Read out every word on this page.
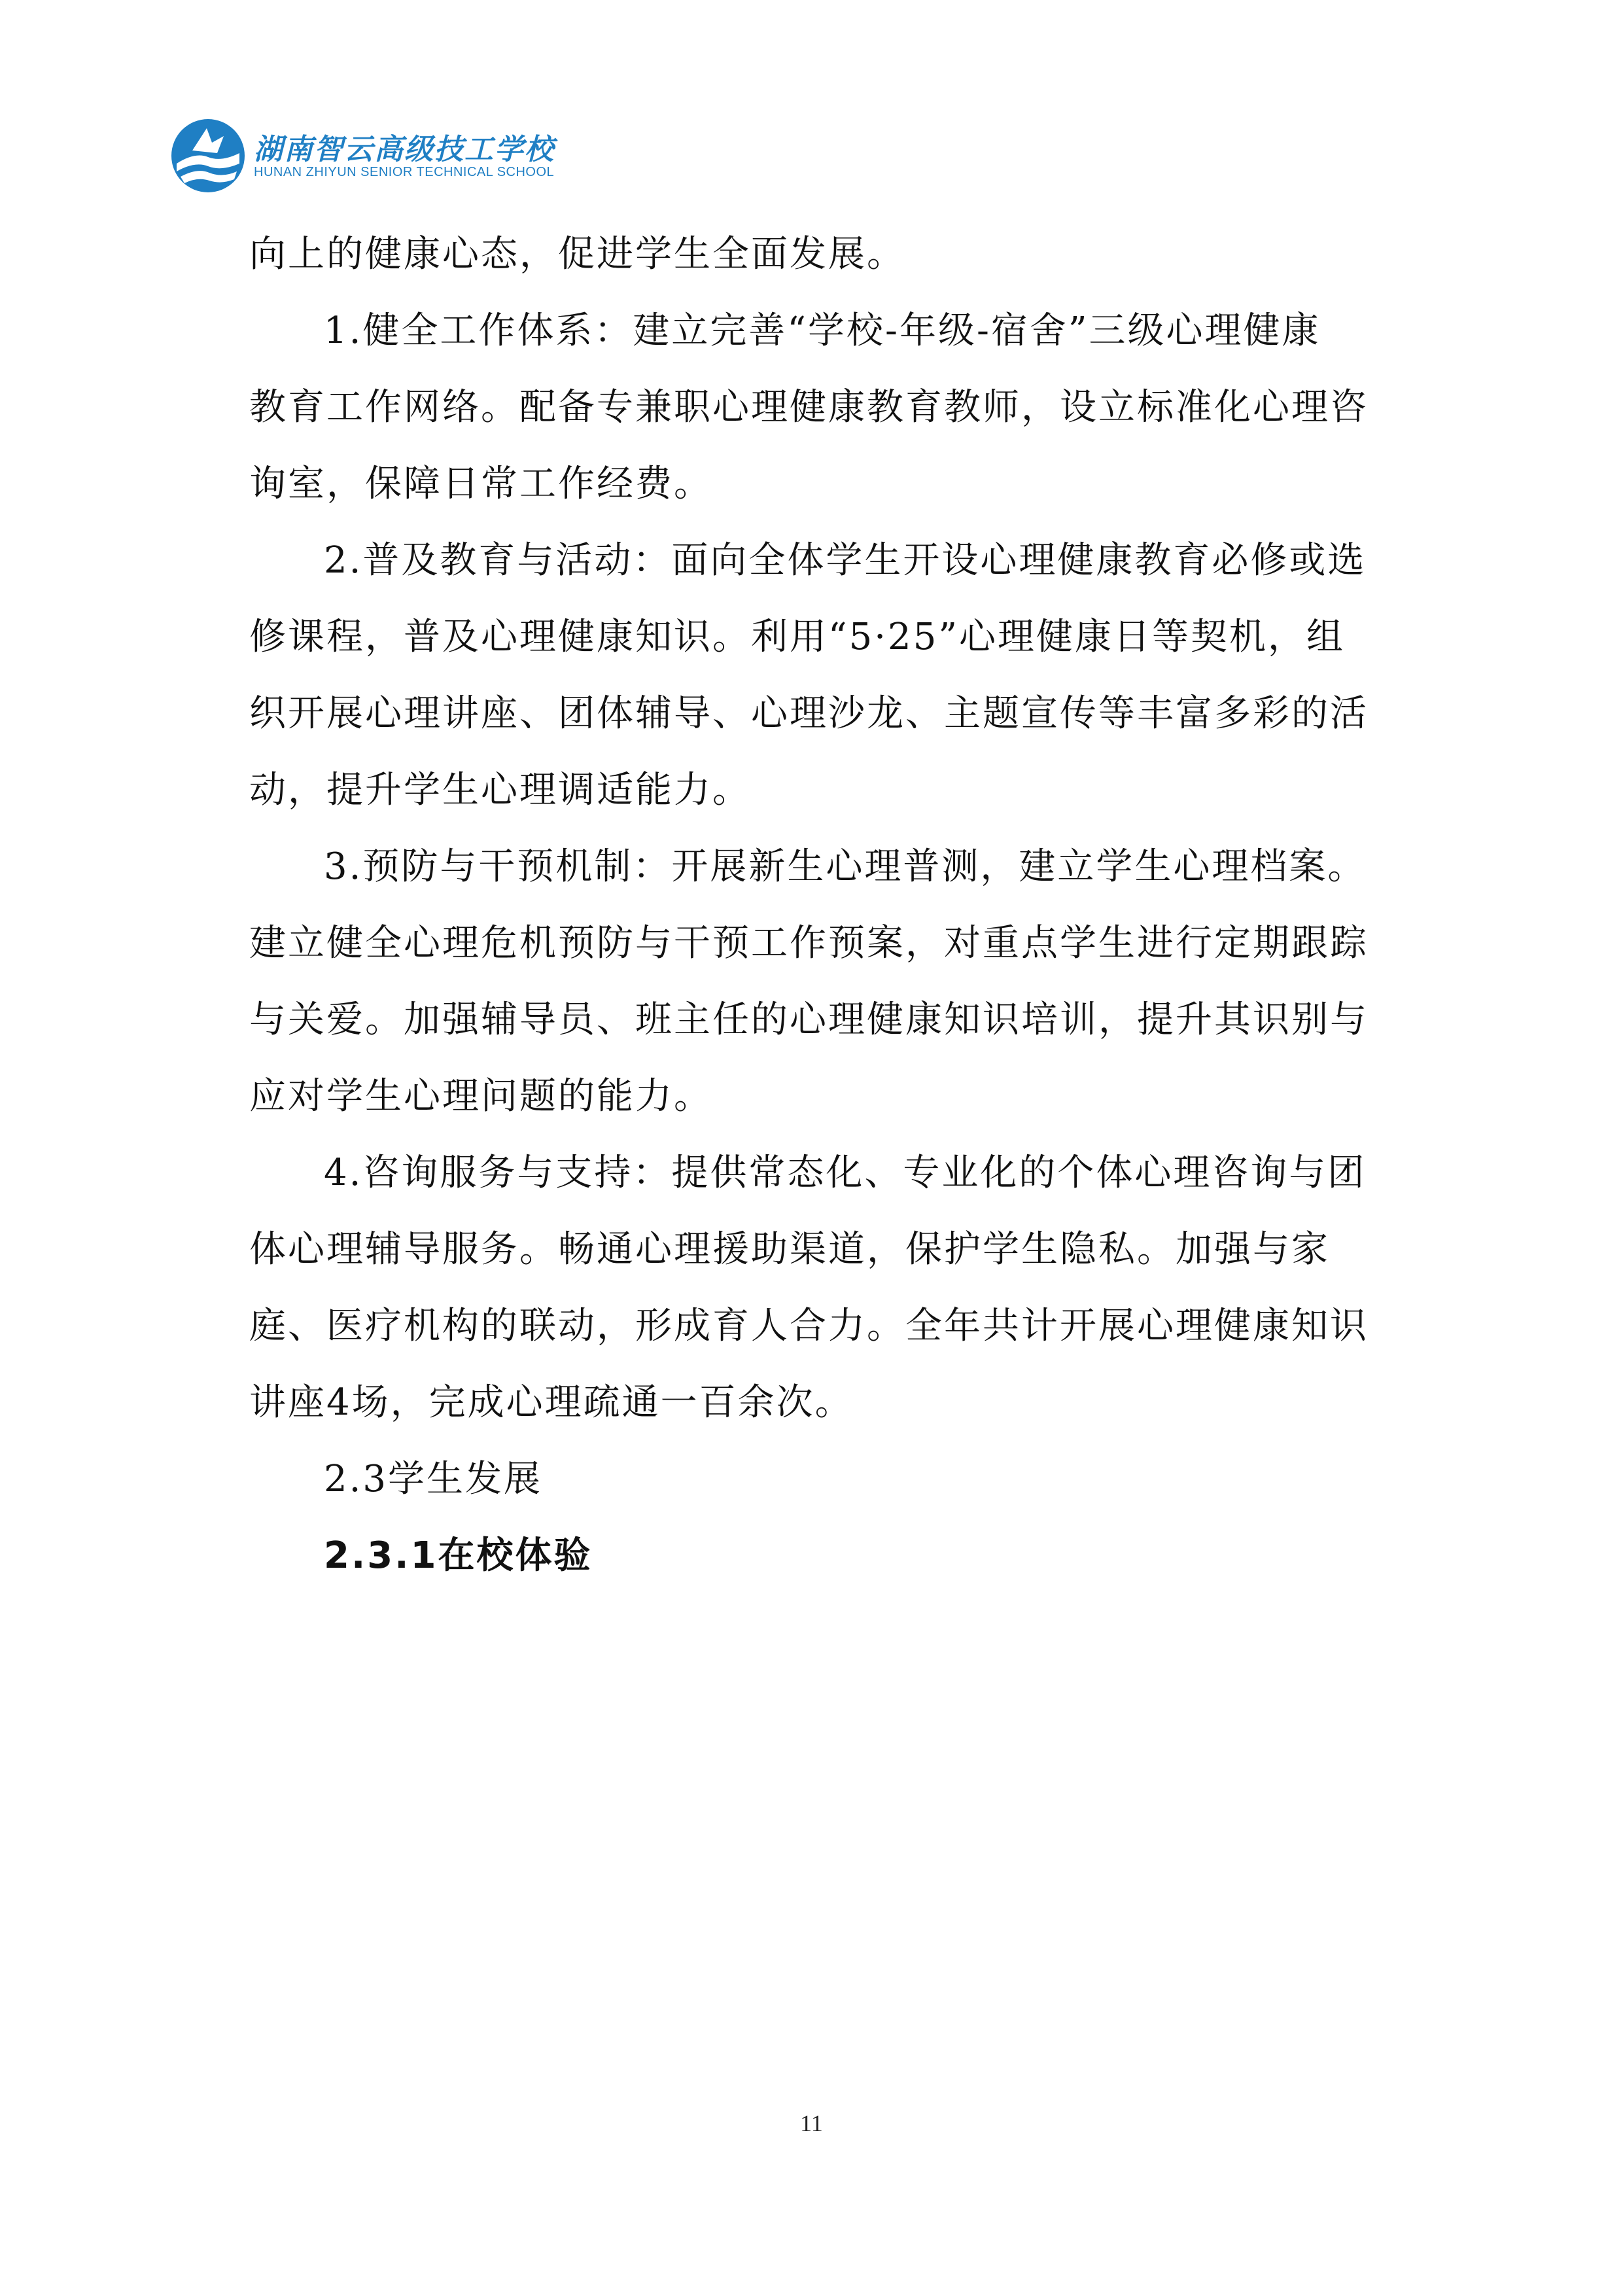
湖南智云高级技工学校
HUNAN ZHIYUN SENIOR TECHNICAL SCHOOL
向上的健康心态，促进学生全面发展。
1.健全工作体系：建立完善“学校-年级-宿舍”三级心理健康
教育工作网络。配备专兼职心理健康教育教师，设立标准化心理咨
询室，保障日常工作经费。
2.普及教育与活动：面向全体学生开设心理健康教育必修或选
修课程，普及心理健康知识。利用“5·25”心理健康日等契机，组
织开展心理讲座、团体辅导、心理沙龙、主题宣传等丰富多彩的活
动，提升学生心理调适能力。
3.预防与干预机制：开展新生心理普测，建立学生心理档案。
建立健全心理危机预防与干预工作预案，对重点学生进行定期跟踪
与关爱。加强辅导员、班主任的心理健康知识培训，提升其识别与
应对学生心理问题的能力。
4.咨询服务与支持：提供常态化、专业化的个体心理咨询与团
体心理辅导服务。畅通心理援助渠道，保护学生隐私。加强与家
庭、医疗机构的联动，形成育人合力。全年共计开展心理健康知识
讲座4场，完成心理疏通一百余次。
2.3学生发展
2.3.1在校体验
11
